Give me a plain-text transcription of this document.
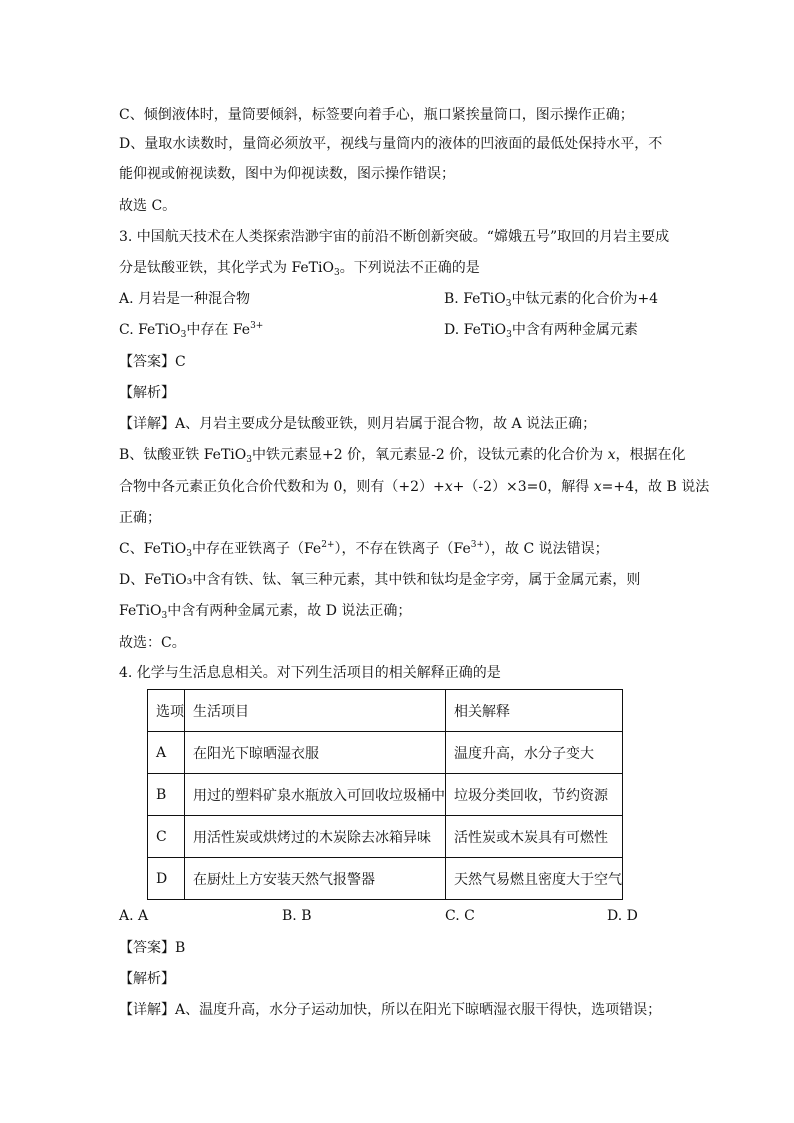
C、倾倒液体时，量筒要倾斜，标签要向着手心，瓶口紧挨量筒口，图示操作正确；
D、量取水读数时，量筒必须放平，视线与量筒内的液体的凹液面的最低处保持水平，不
能仰视或俯视读数，图中为仰视读数，图示操作错误；
故选 C。
3. 中国航天技术在人类探索浩渺宇宙的前沿不断创新突破。“嫦娥五号”取回的月岩主要成
分是钛酸亚铁，其化学式为 FeTiO$_3$。下列说法不正确的是
A. 月岩是一种混合物	B. FeTiO$_3$中钛元素的化合价为+4
C. FeTiO$_3$中存在 $Fe^{3+}$	D. FeTiO$_3$中含有两种金属元素
【答案】C
【解析】
【详解】A、月岩主要成分是钛酸亚铁，则月岩属于混合物，故 A 说法正确；
B、钛酸亚铁 FeTiO$_3$中铁元素显+2 价，氧元素显-2 价，设钛元素的化合价为 x，根据在化
合物中各元素正负化合价代数和为 0，则有（+2）+x+（-2）×3=0，解得 x=+4，故 B 说法
正确；
C、FeTiO$_3$中存在亚铁离子$(Fe^{2+})$，不存在铁离子$(Fe^{3+})$，故 C 说法错误；
D、FeTiO₃中含有铁、钛、氧三种元素，其中铁和钛均是金字旁，属于金属元素，则
FeTiO$_3$中含有两种金属元素，故 D 说法正确；
故选：C。
4. 化学与生活息息相关。对下列生活项目的相关解释正确的是
选项	生活项目	相关解释
A	在阳光下晾晒湿衣服	温度升高，水分子变大
B	用过的塑料矿泉水瓶放入可回收垃圾桶中	垃圾分类回收，节约资源
C	用活性炭或烘烤过的木炭除去冰箱异味	活性炭或木炭具有可燃性
D	在厨灶上方安装天然气报警器	天然气易燃且密度大于空气
A. A	B. B	C. C	D. D
【答案】B
【解析】
【详解】A、温度升高，水分子运动加快，所以在阳光下晾晒湿衣服干得快，选项错误；
